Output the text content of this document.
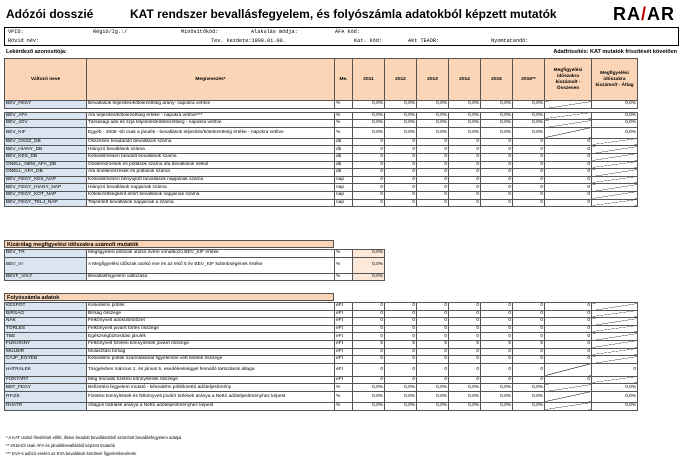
Adózói dosszié	KAT rendszer bevallásfegyelem, és folyószámla adatokból képzett mutatók	RA/AR
VPID:	Régió/Ig.:/	Minősítőkód:	Alakulás módja:	ÁFA kód:
Rövid név:	Tev. kezdete:1900.01.00.	Kat. kód:	Akt TEAOR:	Nyomtatandó:
Lekérdező azonosítója:	Adatfrissítés: KAT mutatók frissítését követően
Változó neve	Megnevezés*	Me.	2011	2012	2013	2014	2015	2016**	Megfigyelési időszakra kiszámolt - Összesen	Megfigyelési időszakra kiszámolt - Átlag
BEV_FEGY	Bevallások teljesítés/kötelezettség arány- napokra vetítve	%	0,0%	0,0%	0,0%	0,0%	0,0%	0,0%		0,0%

BEV_AFA	Áfa teljesítés/kötelezettség értéke - napokra vetítve***	%	0,0%	0,0%	0,0%	0,0%	0,0%	0,0%		0,0%
BEV_JOV	Társasági adó és szja teljesítés/kötelezettség - napokra vetítve	%	0,0%	0,0%	0,0%	0,0%	0,0%	0,0%		0,0%
BEV_KIF	Egyéb - 2008 -tól csak a járulék - bevallások teljesítés/kötelezettség értéke - napokra vetítve	%	0,0%	0,0%	0,0%	0,0%	0,0%	0,0%		0,0%
BEV_OSSZ_DB	Összesen beadandó bevallások száma	db	0	0	0	0	0	0	0	
BEV_HIANY_DB	Hiányzó bevallások száma	db	0	0	0	0	0	0	0	
BEV_KES_DB	Késedelmesen beadott bevallások száma	db	0	0	0	0	0	0	0	
ONELL_NEM_AFA_DB	Önellenőrzések és pótlások száma áfa bevallások nélkül	db	0	0	0	0	0	0	0	
ONELL_AFA_DB	Áfa önellenőrzések és pótlások száma	db	0	0	0	0	0	0	0	
BEV_FEGY_KES_NAP	Késedelmesen benyújtott bevallások napjainak száma	nap	0	0	0	0	0	0	0	
BEV_FEGY_HIANY_NAP	Hiányzó bevallások napjainak száma	nap	0	0	0	0	0	0	0	
BEV_FEGY_KOT_NAP	Kötelezettségként előírt bevallások napjainak száma	nap	0	0	0	0	0	0	0	
BEV_FEGY_TELJ_NAP	Teljesített bevallások napjainak a száma	nap	0	0	0	0	0	0	0	
Kizárólag megfigyelési időszakra számolt mutatók
BEV_TR	Megfigyelési időszak utolsó évére vonatkozó BEV_KIF értéke	%	0,0%
BEV_VI	A Megfigyelési időszak utolsó éve és az első 5 év BEV_KIF különbségének értéke	%	0,0%
BEVF_VALT	Bevallásfegyelem változása	%	0,0%
Folyószámla adatok
KESPOT	Késedelmi pótlék	eFt	0	0	0	0	0	0	0	
BIRSAG	Bírság összege	eFt	0	0	0	0	0	0	0	
NAK	Felkönyvelt adókülönbözet	eFt	0	0	0	0	0	0	0	
TORLES	Felkönyvelt jóváírt törlés összege	eFt	0	0	0	0	0	0	0	
TBE	Egészségbiztosítási járulék	eFt	0	0	0	0	0	0	0	
FIZKONNY	Felkönyvelt fizetési könnyítések jóváírt összege	eFt	0	0	0	0	0	0	0	
MULBIR	Mulasztási bírság	eFt	0	0	0	0	0	0	0	
CAJF_EGYEB	Késedelmi pótlék számításánál figyelembe vett tételek összege	eFt	0	0	0	0	0	0	0	
HATRALEK	Tárgyévben március 1. és június 5. esedékességgel fennálló tartozások átlaga	eFt	0	0	0	0	0	0		0
FIZKTART	Még fennálló fizetési könnyítések összege	eFt	0	0	0	0	0	0	0	
BEF_FEGY	Befizetési fegyelem mutató - késedelmi pótléknettó adóteljesítmény	%	0,0%	0,0%	0,0%	0,0%	0,0%	0,0%		0,0%
RFIZK	Fizetési könnyítések és felkönyvelt jóváírt törlések aránya a Nettó adóteljesítményhez képest	%	0,0%	0,0%	0,0%	0,0%	0,0%	0,0%		0,0%
RHATR	Átlagos hátralék aránya a Nettó adóteljesítményhez képest	%	0,0%	0,0%	0,0%	0,0%	0,0%	0,0%		0,0%
* A KAT utolsó frissítését előtti, illetve beadott bevallásokból számított bevallásfegyelem adatjai
** 2016-tól csak ÁFA és járulékbevallásból képzett mutatók
*** EVA-s adózó esetén az EVA bevallások kerülnek figyelembevételre
